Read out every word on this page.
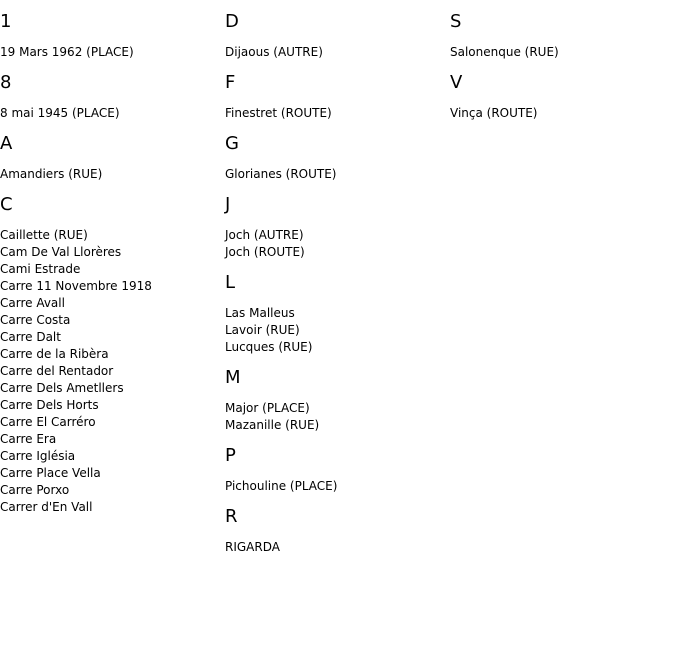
1
19 Mars 1962 (PLACE)
8
8 mai 1945 (PLACE)
A
Amandiers (RUE)
C
Caillette (RUE)
Cam De Val Llorères
Cami Estrade
Carre 11 Novembre 1918
Carre Avall
Carre Costa
Carre Dalt
Carre de la Ribèra
Carre del Rentador
Carre Dels Ametllers
Carre Dels Horts
Carre El Carréro
Carre Era
Carre Iglésia
Carre Place Vella
Carre Porxo
Carrer d'En Vall
D
Dijaous (AUTRE)
F
Finestret (ROUTE)
G
Glorianes (ROUTE)
J
Joch (AUTRE)
Joch (ROUTE)
L
Las Malleus
Lavoir (RUE)
Lucques (RUE)
M
Major (PLACE)
Mazanille (RUE)
P
Pichouline (PLACE)
R
RIGARDA
S
Salonenque (RUE)
V
Vinça (ROUTE)
